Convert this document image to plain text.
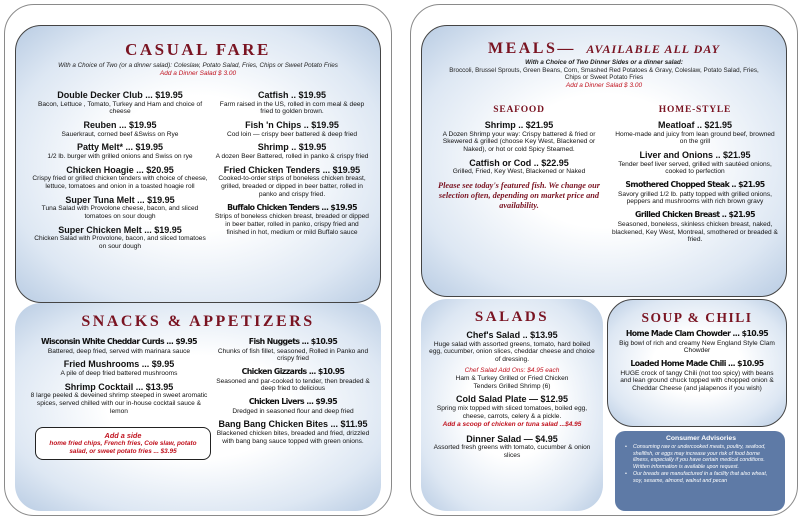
CASUAL FARE
With a Choice of Two (or a dinner salad): Coleslaw, Potato Salad, Fries, Chips or Sweet Potato Fries
Add a Dinner Salad $ 3.00
Double Decker Club ... $19.95
Bacon, Lettuce , Tomato, Turkey and Ham and choice of cheese
Reuben ... $19.95
Sauerkraut, corned beef &Swiss on Rye
Patty Melt* ... $19.95
1/2 lb. burger with grilled onions and Swiss on rye
Chicken Hoagie ... $20.95
Crispy fried or grilled chicken tenders with choice of cheese, lettuce, tomatoes and onion in a toasted hoagie roll
Super Tuna Melt ... $19.95
Tuna Salad with Provolone cheese, bacon, and sliced tomatoes on sour dough
Super Chicken Melt ... $19.95
Chicken Salad with Provolone, bacon, and sliced tomatoes on sour dough
Catfish .. $19.95
Farm raised in the US, rolled in corn meal & deep fried to golden brown.
Fish 'n Chips .. $19.95
Cod loin — crispy beer battered & deep fried
Shrimp .. $19.95
A dozen Beer Battered, rolled in panko & crispy fried
Fried Chicken Tenders ... $19.95
Cooked-to-order strips of boneless chicken breast, grilled, breaded or dipped in beer batter, rolled in panko and crispy fried.
Buffalo Chicken Tenders ... $19.95
Strips of boneless chicken breast, breaded or dipped in beer batter, rolled in panko, crispy fried and finished in hot, medium or mild Buffalo sauce
SNACKS & APPETIZERS
Wisconsin White Cheddar Curds ... $9.95
Battered, deep fried, served with marinara sauce
Fried Mushrooms ... $9.95
A pile of deep fried battered mushrooms
Shrimp Cocktail ... $13.95
8 large peeled & deveined shrimp steeped in sweet aromatic spices, served chilled with our in-house cocktail sauce & lemon
Add a side
home fried chips, French fries, Cole slaw, potato salad, or sweet potato fries ... $3.95
Fish Nuggets ... $10.95
Chunks of fish fillet, seasoned, Rolled in Panko and crispy fried
Chicken Gizzards ... $10.95
Seasoned and par-cooked to tender, then breaded & deep fried to delicious
Chicken Livers ... $9.95
Dredged in seasoned flour and deep fried
Bang Bang Chicken Bites ... $11.95
Blackened chicken bites, breaded and fried, drizzled with bang bang sauce topped with green onions.
MEALS— AVAILABLE ALL DAY
With a Choice of Two Dinner Sides or a dinner salad:
Broccoli, Brussel Sprouts, Green Beans, Corn, Smashed Red Potatoes & Gravy, Coleslaw, Potato Salad, Fries, Chips or Sweet Potato Fries
Add a Dinner Salad $ 3.00
SEAFOOD
Shrimp .. $21.95
A Dozen Shrimp your way: Crispy battered & fried or Skewered & grilled (choose Key West, Blackened or Naked), or hot or cold Spicy Steamed.
Catfish or Cod .. $22.95
Grilled, Fried, Key West, Blackened or Naked
Please see today's featured fish. We change our selection often, depending on market price and availability.
HOME-STYLE
Meatloaf .. $21.95
Home-made and juicy from lean ground beef, browned on the grill
Liver and Onions .. $21.95
Tender beef liver served, grilled with sautéed onions, cooked to perfection
Smothered Chopped Steak .. $21.95
Savory grilled 1/2 lb. patty topped with grilled onions, peppers and mushrooms with rich brown gravy
Grilled Chicken Breast .. $21.95
Seasoned, boneless, skinless chicken breast, naked, blackened, Key West, Montreal, smothered or breaded & fried.
SALADS
Chef's Salad .. $13.95
Huge salad with assorted greens, tomato, hard boiled egg, cucumber, onion slices, cheddar cheese and choice of dressing.
Chef Salad Add Ons: $4.95 each
Ham & Turkey Grilled or Fried Chicken Tenders Grilled Shrimp (6)
Cold Salad Plate — $12.95
Spring mix topped with sliced tomatoes, boiled egg, cheese, carrots, celery & a pickle.
Add a scoop of chicken or tuna salad ...$4.95
Dinner Salad — $4.95
Assorted fresh greens with tomato, cucumber & onion slices
SOUP & CHILI
Home Made Clam Chowder ... $10.95
Big bowl of rich and creamy New England Style Clam Chowder
Loaded Home Made Chili ... $10.95
HUGE crock of tangy Chili (not too spicy) with beans and lean ground chuck topped with chopped onion & Cheddar Cheese (and jalapenos if you wish)
Consumer Advisories
• Consuming raw or undercooked meats, poultry, seafood, shellfish, or eggs may increase your risk of food borne illness, especially if you have certain medical conditions. Written information is available upon request.
• Our breads are manufactured in a facility that also wheat, soy, sesame, almond, walnut and pecan
